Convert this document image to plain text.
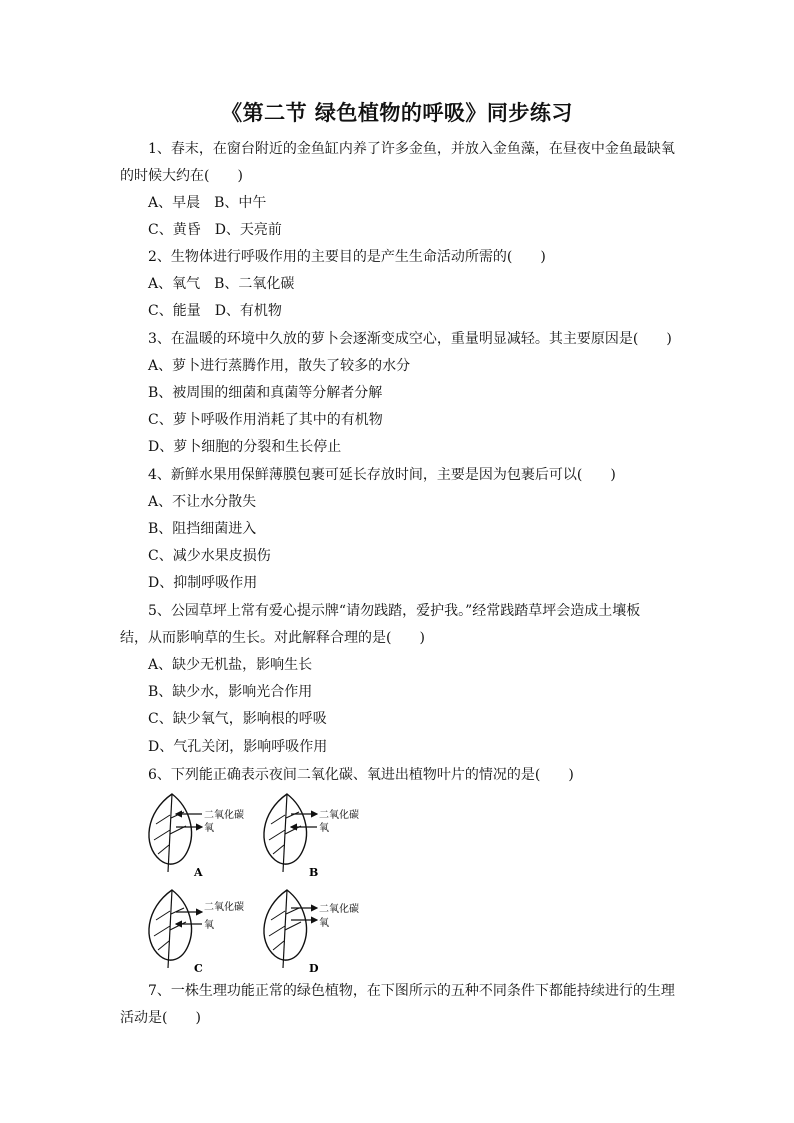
《第二节 绿色植物的呼吸》同步练习
1、春末，在窗台附近的金鱼缸内养了许多金鱼，并放入金鱼藻，在昼夜中金鱼最缺氧
的时候大约在(　　)
A、早晨　B、中午
C、黄昏　D、天亮前
2、生物体进行呼吸作用的主要目的是产生生命活动所需的(　　)
A、氧气　B、二氧化碳
C、能量　D、有机物
3、在温暖的环境中久放的萝卜会逐渐变成空心，重量明显减轻。其主要原因是(　　)
A、萝卜进行蒸腾作用，散失了较多的水分
B、被周围的细菌和真菌等分解者分解
C、萝卜呼吸作用消耗了其中的有机物
D、萝卜细胞的分裂和生长停止
4、新鲜水果用保鲜薄膜包裹可延长存放时间，主要是因为包裹后可以(　　)
A、不让水分散失
B、阻挡细菌进入
C、减少水果皮损伤
D、抑制呼吸作用
5、公园草坪上常有爱心提示牌“请勿践踏，爱护我。”经常践踏草坪会造成土壤板
结，从而影响草的生长。对此解释合理的是(　　)
A、缺少无机盐，影响生长
B、缺少水，影响光合作用
C、缺少氧气，影响根的呼吸
D、气孔关闭，影响呼吸作用
6、下列能正确表示夜间二氧化碳、氧进出植物叶片的情况的是(　　)
二氧化碳
氧
A
二氧化碳
氧
B
二氧化碳
氧
C
二氧化碳
氧
D
7、一株生理功能正常的绿色植物，在下图所示的五种不同条件下都能持续进行的生理
活动是(　　)
